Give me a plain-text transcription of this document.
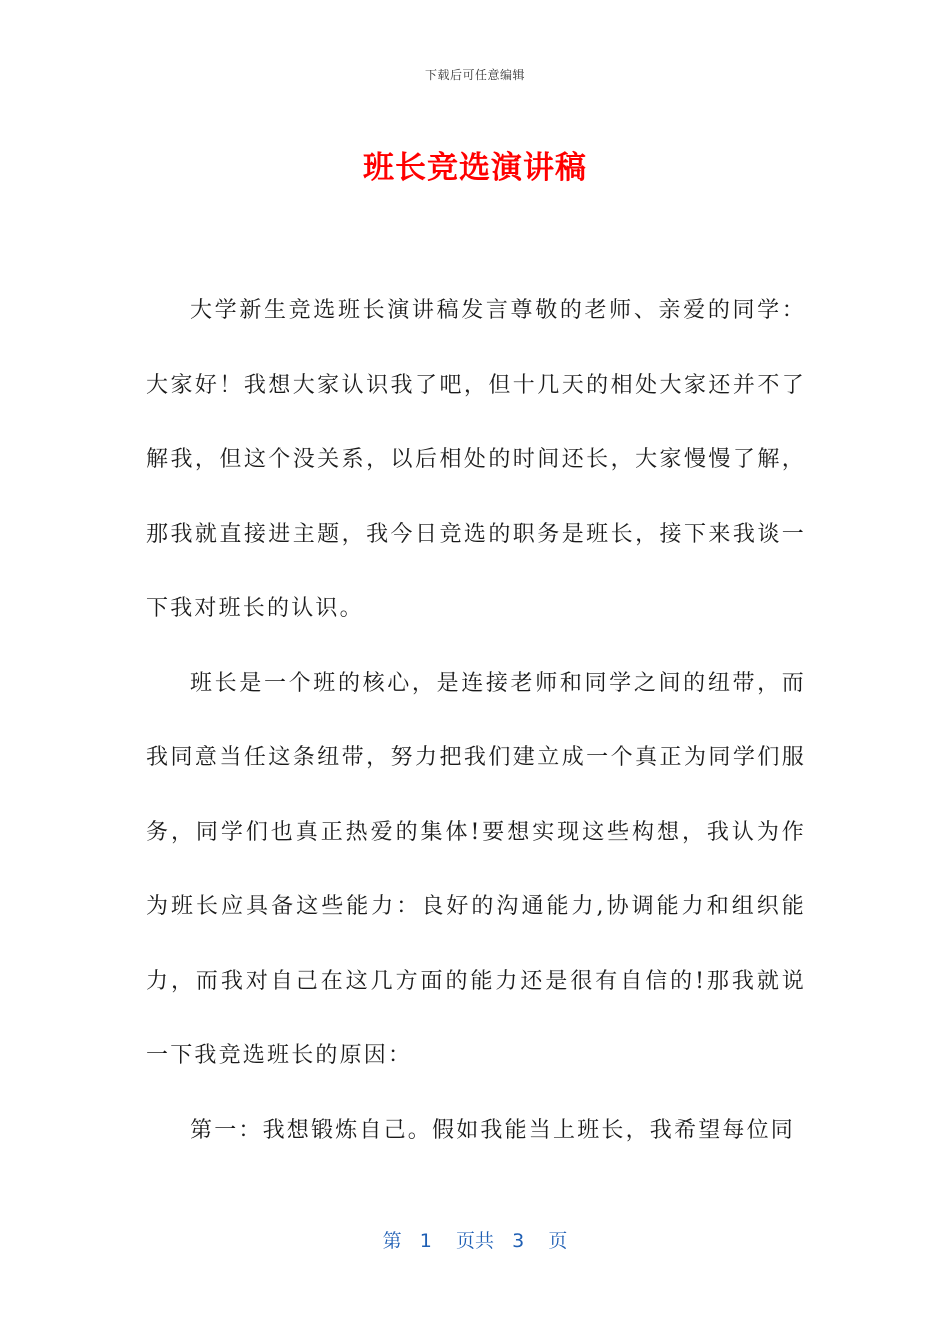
下载后可任意编辑
班长竞选演讲稿

大学新生竞选班长演讲稿发言尊敬的老师、亲爱的同学：大家好！我想大家认识我了吧，但十几天的相处大家还并不了解我，但这个没关系，以后相处的时间还长，大家慢慢了解，那我就直接进主题，我今日竞选的职务是班长，接下来我谈一下我对班长的认识。

班长是一个班的核心，是连接老师和同学之间的纽带，而我同意当任这条纽带，努力把我们建立成一个真正为同学们服务，同学们也真正热爱的集体!要想实现这些构想，我认为作为班长应具备这些能力：良好的沟通能力,协调能力和组织能力，而我对自己在这几方面的能力还是很有自信的!那我就说一下我竞选班长的原因：

第一：我想锻炼自己。假如我能当上班长，我希望每位同

第 1 页共 3 页
